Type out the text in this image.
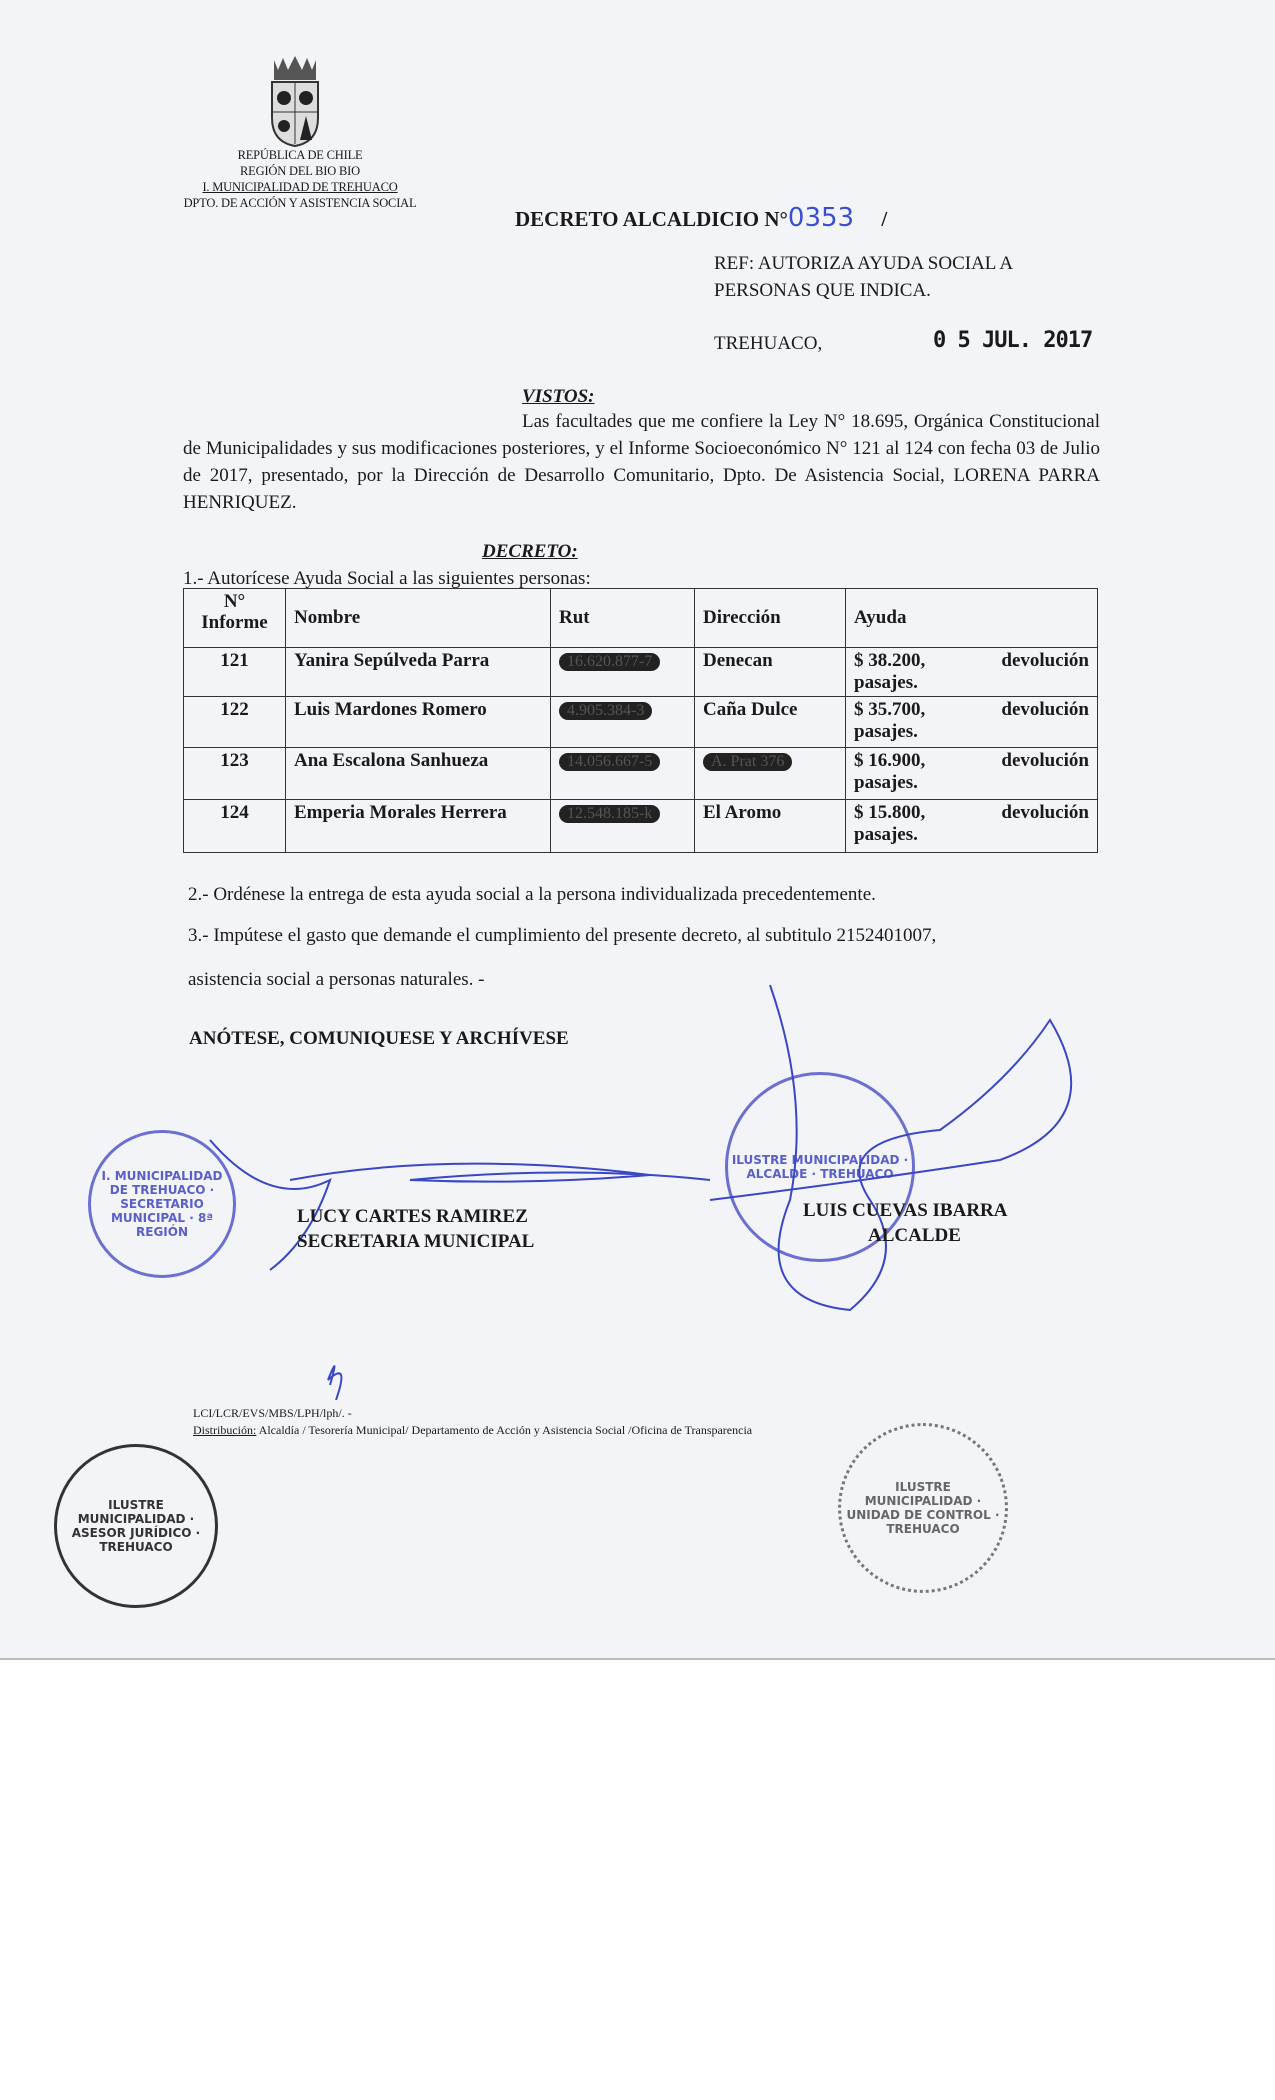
REPÚBLICA DE CHILE
REGIÓN DEL BIO BIO
I. MUNICIPALIDAD DE TREHUACO
DPTO. DE ACCIÓN Y ASISTENCIA SOCIAL
DECRETO ALCALDICIO N°0353 /
REF: AUTORIZA AYUDA SOCIAL A
PERSONAS QUE INDICA.
TREHUACO,	0 5 JUL. 2017
VISTOS:
Las facultades que me confiere la Ley N° 18.695, Orgánica Constitucional de Municipalidades y sus modificaciones posteriores, y el Informe Socioeconómico N° 121 al 124 con fecha 03 de Julio de 2017, presentado, por la Dirección de Desarrollo Comunitario, Dpto. De Asistencia Social, LORENA PARRA HENRIQUEZ.
DECRETO:
1.- Autorícese Ayuda Social a las siguientes personas:
N° Informe	Nombre	Rut	Dirección	Ayuda
121	Yanira Sepúlveda Parra	16.620.877-7	Denecan	$ 38.200, devolución
pasajes.

122	Luis Mardones Romero	4.905.384-3	Caña Dulce	$ 35.700, devolución
pasajes.

123	Ana Escalona Sanhueza	14.056.667-5	A. Prat 376	$ 16.900, devolución
pasajes.

124	Emperia Morales Herrera	12.548.185-k	El Aromo	$ 15.800, devolución
pasajes.
2.- Ordénese la entrega de esta ayuda social a la persona individualizada precedentemente.
3.- Impútese el gasto que demande el cumplimiento del presente decreto, al subtitulo 2152401007,
asistencia social a personas naturales. -
ANÓTESE, COMUNIQUESE Y ARCHÍVESE
I. MUNICIPALIDAD DE TREHUACO · SECRETARIO MUNICIPAL · 8ª REGIÓN
ILUSTRE MUNICIPALIDAD · ALCALDE · TREHUACO
ILUSTRE MUNICIPALIDAD · ASESOR JURÍDICO · TREHUACO
ILUSTRE MUNICIPALIDAD · UNIDAD DE CONTROL · TREHUACO
LUCY CARTES RAMIREZ
SECRETARIA MUNICIPAL
LUIS CUEVAS IBARRA
ALCALDE
LCI/LCR/EVS/MBS/LPH/lph/. -
Distribución: Alcaldía / Tesorería Municipal/ Departamento de Acción y Asistencia Social /Oficina de Transparencia
